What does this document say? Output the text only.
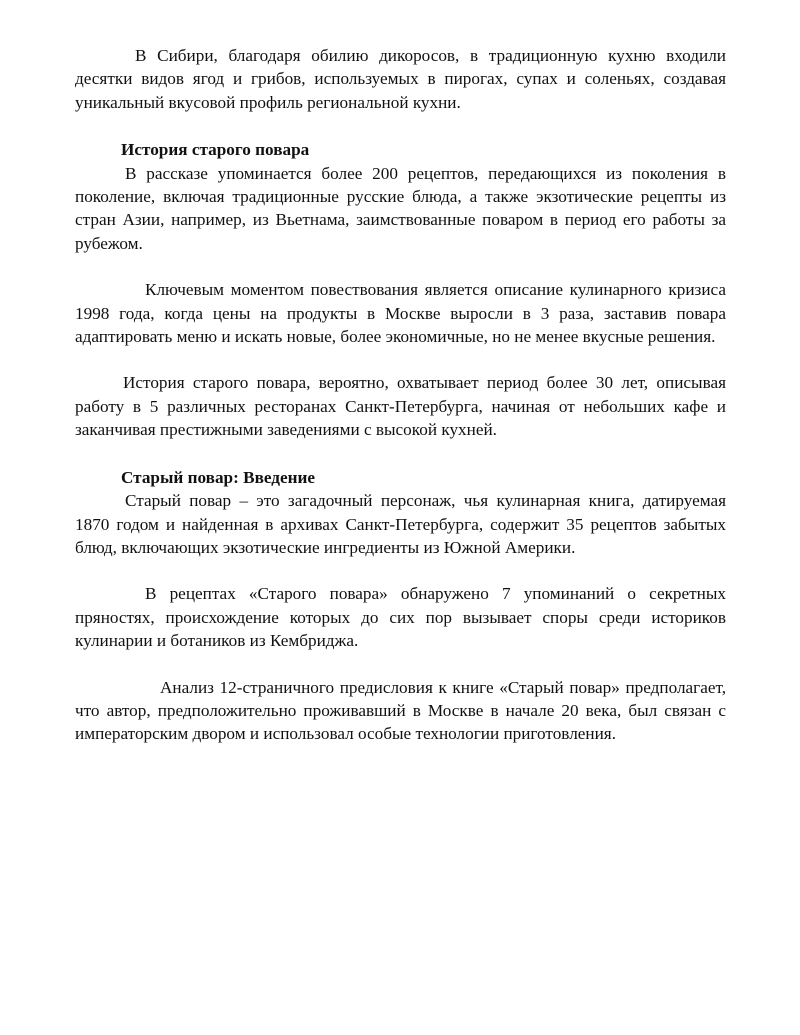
В Сибири, благодаря обилию дикоросов, в традиционную кухню входили десятки видов ягод и грибов, используемых в пирогах, супах и соленьях, создавая уникальный вкусовой профиль региональной кухни.

История старого повара

В рассказе упоминается более 200 рецептов, передающихся из поколения в поколение, включая традиционные русские блюда, а также экзотические рецепты из стран Азии, например, из Вьетнама, заимствованные поваром в период его работы за рубежом.

Ключевым моментом повествования является описание кулинарного кризиса 1998 года, когда цены на продукты в Москве выросли в 3 раза, заставив повара адаптировать меню и искать новые, более экономичные, но не менее вкусные решения.

История старого повара, вероятно, охватывает период более 30 лет, описывая работу в 5 различных ресторанах Санкт-Петербурга, начиная от небольших кафе и заканчивая престижными заведениями с высокой кухней.

Старый повар: Введение

Старый повар – это загадочный персонаж, чья кулинарная книга, датируемая 1870 годом и найденная в архивах Санкт-Петербурга, содержит 35 рецептов забытых блюд, включающих экзотические ингредиенты из Южной Америки.

В рецептах «Старого повара» обнаружено 7 упоминаний о секретных пряностях, происхождение которых до сих пор вызывает споры среди историков кулинарии и ботаников из Кембриджа.

Анализ 12-страничного предисловия к книге «Старый повар» предполагает, что автор, предположительно проживавший в Москве в начале 20 века, был связан с императорским двором и использовал особые технологии приготовления.
